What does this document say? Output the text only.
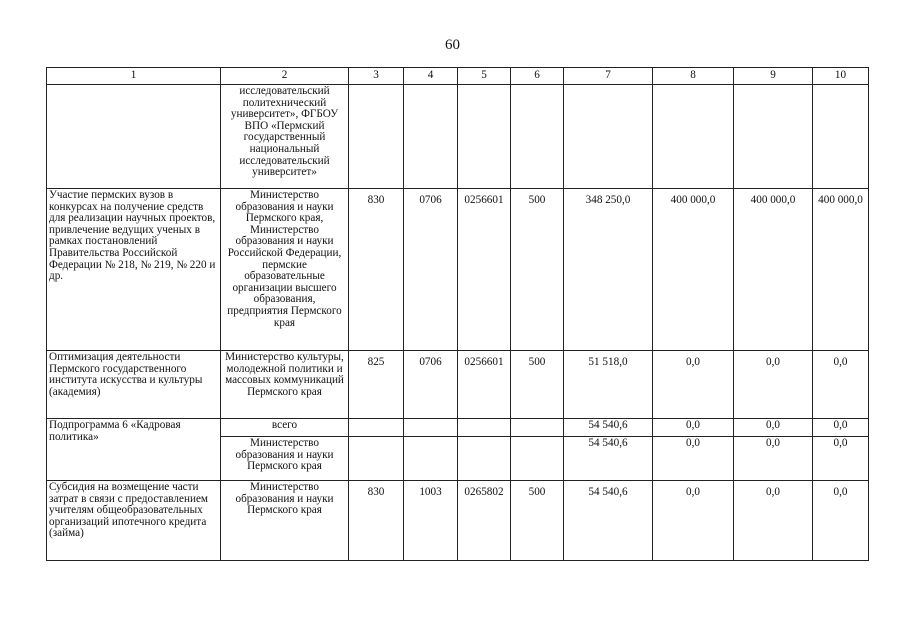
60
1	2	3	4	5	6	7	8	9	10
	исследовательский политехнический университет», ФГБОУ ВПО «Пермский государственный национальный исследовательский университет»								
Участие пермских вузов в конкурсах на получение средств для реализации научных проектов, привлечение ведущих ученых в рамках постановлений Правительства Российской Федерации № 218, № 219, № 220 и др.	Министерство образования и науки Пермского края, Министерство образования и науки Российской Федерации, пермские образовательные организации высшего образования, предприятия Пермского края	830	0706	0256601	500	348 250,0	400 000,0	400 000,0	400 000,0
Оптимизация деятельности Пермского государственного института искусства и культуры (академия)	Министерство культуры, молодежной политики и массовых коммуникаций Пермского края	825	0706	0256601	500	51 518,0	0,0	0,0	0,0
Подпрограмма 6 «Кадровая политика»	всего					54 540,6	0,0	0,0	0,0
	Министерство образования и науки Пермского края					54 540,6	0,0	0,0	0,0
Субсидия на возмещение части затрат в связи с предоставлением учителям общеобразовательных организаций ипотечного кредита (займа)	Министерство образования и науки Пермского края	830	1003	0265802	500	54 540,6	0,0	0,0	0,0
